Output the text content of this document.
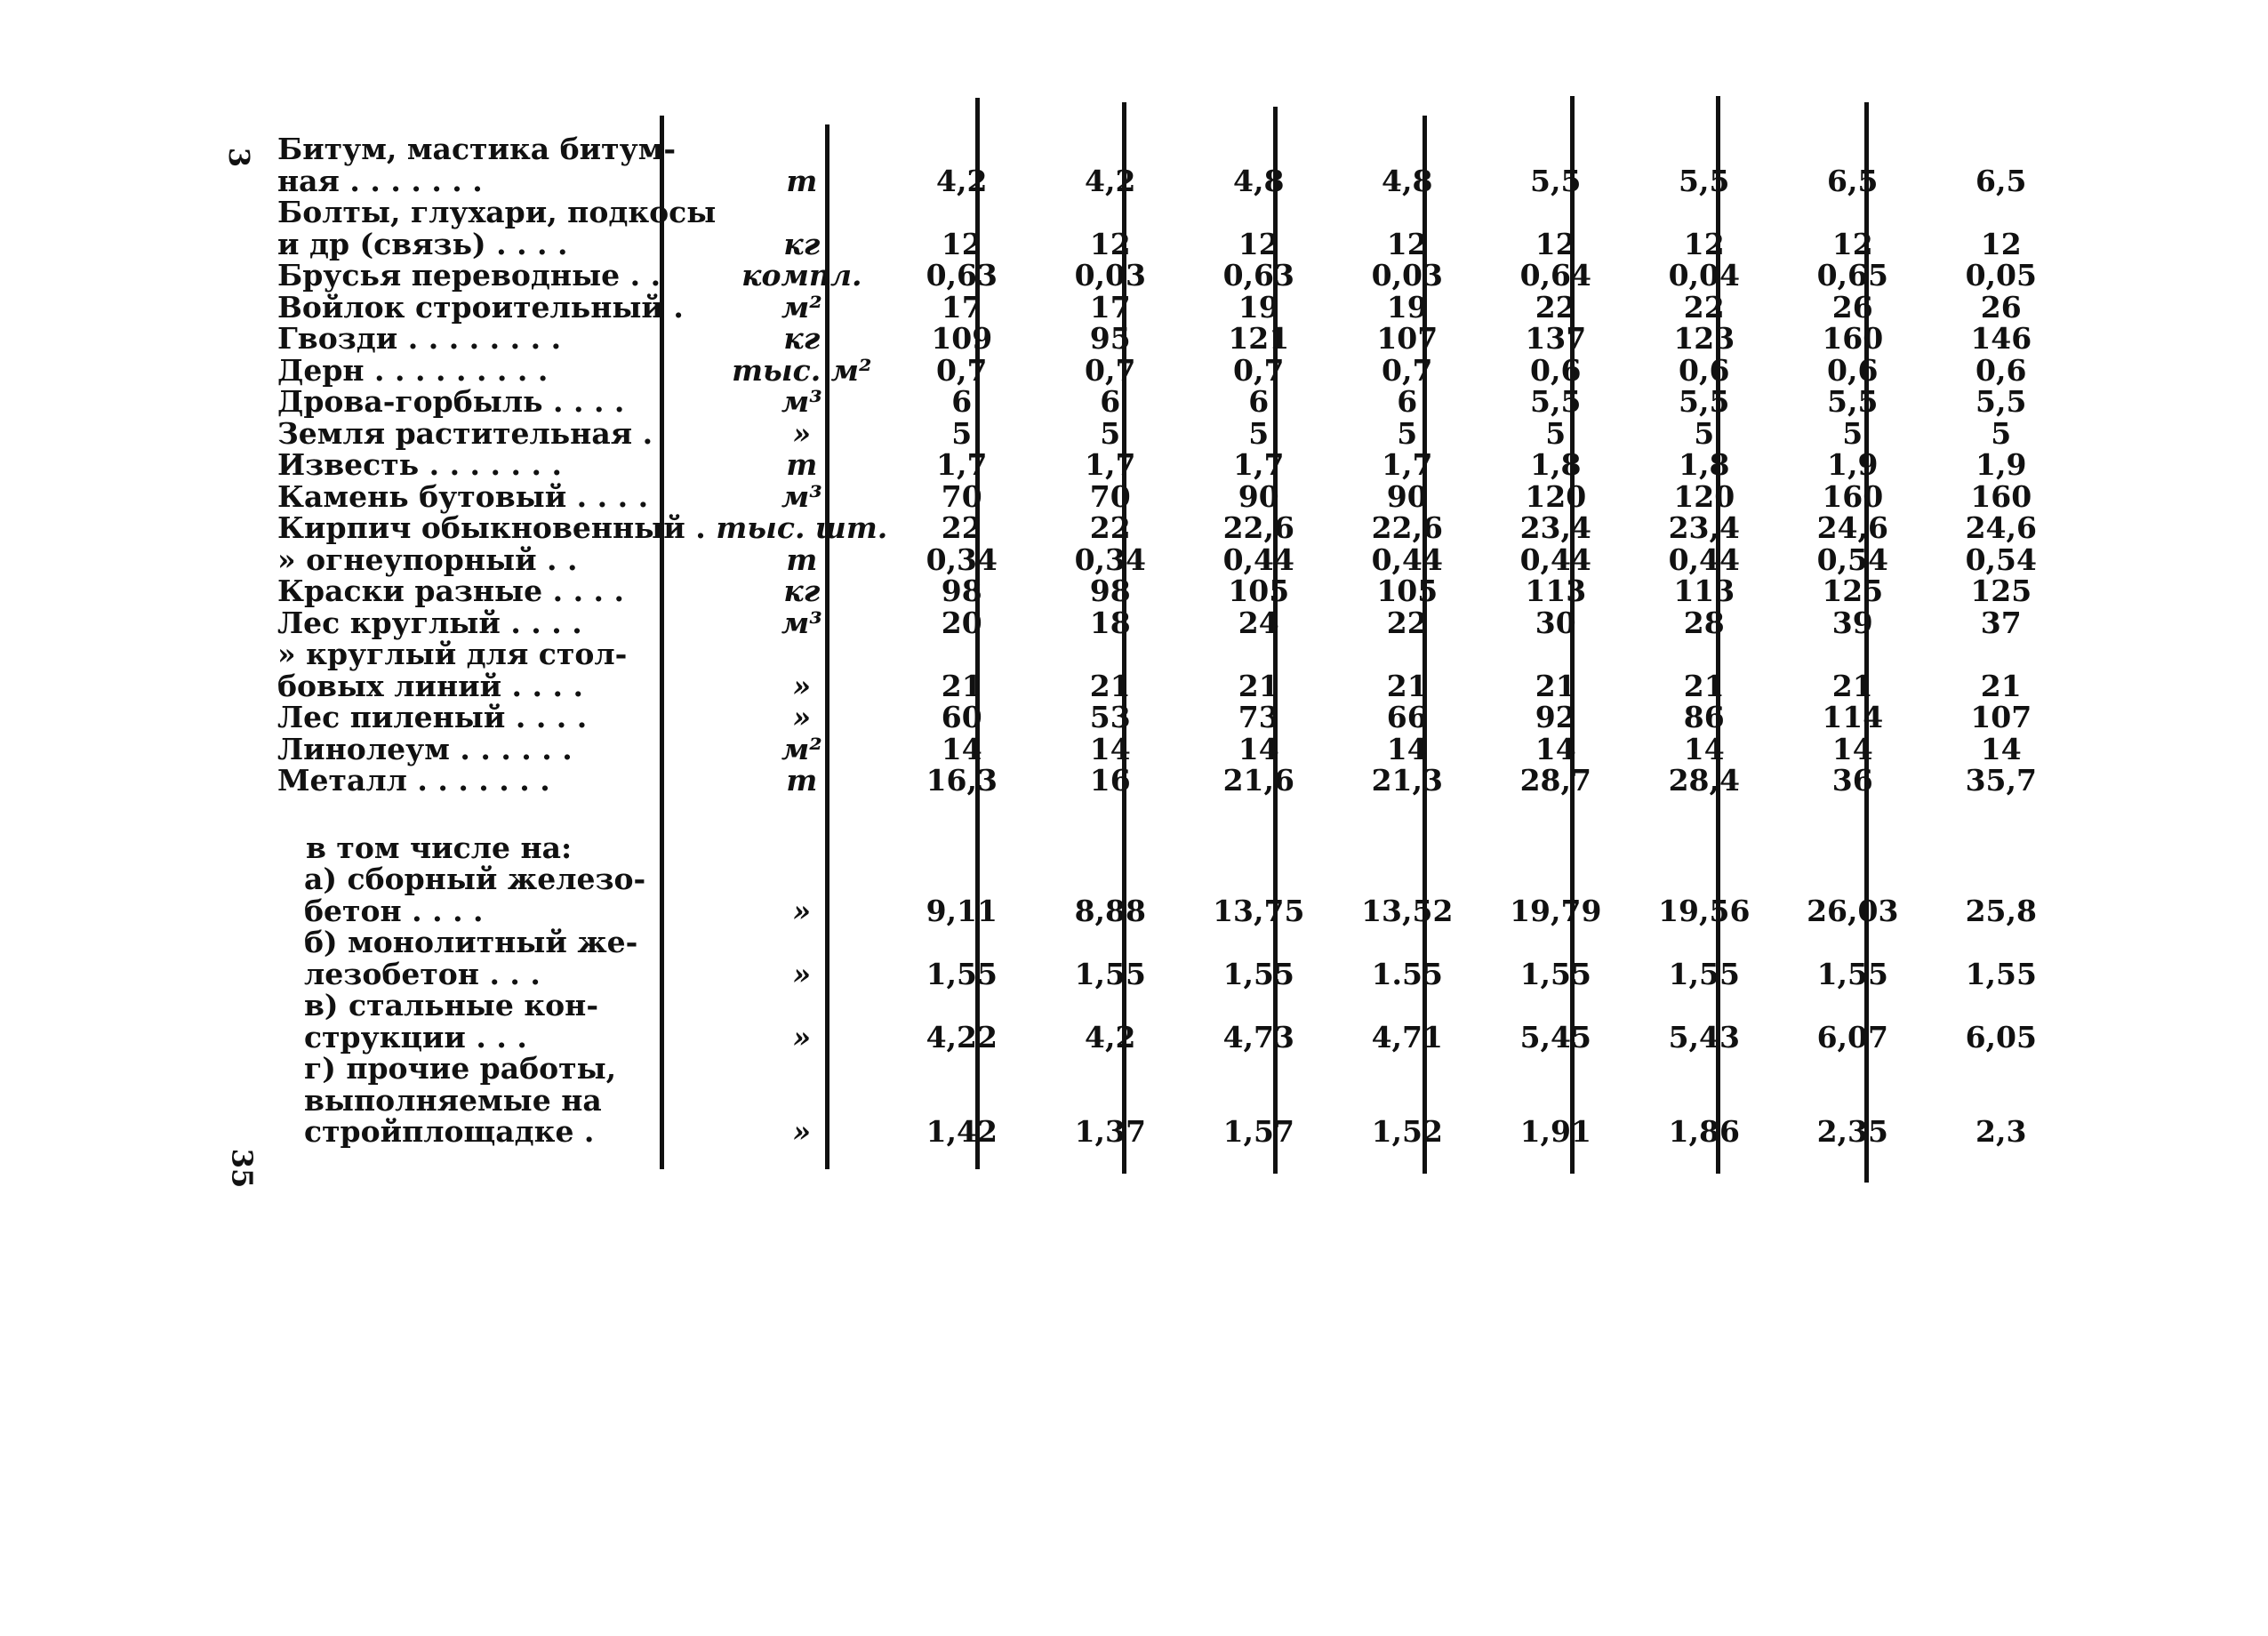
3
35
Битум, мастика битум-									
ная . . . . . . .	т	4,2	4,2	4,8	4,8	5,5	5,5	6,5	6,5
Болты, глухари, подкосы									
и др (связь) . . . .	кг	12	12	12	12	12	12	12	12
Брусья переводные . .	компл.	0,63	0,03	0,63	0,03	0,64	0,04	0,65	0,05
Войлок строительный .	м²	17	17	19	19	22	22	26	26
Гвозди . . . . . . . .	кг	109	95	121	107	137	123	160	146
Дерн . . . . . . . . .	тыс. м²	0,7	0,7	0,7	0,7	0,6	0,6	0,6	0,6
Дрова-горбыль . . . .	м³	6	6	6	6	5,5	5,5	5,5	5,5
Земля растительная .	»	5	5	5	5	5	5	5	5
Известь . . . . . . .	т	1,7	1,7	1,7	1,7	1,8	1,8	1,9	1,9
Камень бутовый . . . .	м³	70	70	90	90	120	120	160	160
Кирпич обыкновенный .	тыс. шт.	22	22	22,6	22,6	23,4	23,4	24,6	24,6
» огнеупорный . .	т	0,34	0,34	0,44	0,44	0,44	0,44	0,54	0,54
Краски разные . . . .	кг	98	98	105	105	113	113	125	125
Лес круглый . . . .	м³	20	18	24	22	30	28	39	37
» круглый для стол-									
бовых линий . . . .	»	21	21	21	21	21	21	21	21
Лес пиленый . . . .	»	60	53	73	66	92	86	114	107
Линолеум . . . . . .	м²	14	14	14	14	14	14	14	14
Металл . . . . . . .	т	16,3	16	21,6	21,3	28,7	28,4	36	35,7

в том числе на:									
а) сборный железо-									
бетон . . . .	»	9,11	8,88	13,75	13,52	19,79	19,56	26,03	25,8
б) монолитный же-									
лезобетон . . .	»	1,55	1,55	1,55	1.55	1,55	1,55	1,55	1,55
в) стальные кон-									
струкции . . .	»	4,22	4,2	4,73	4,71	5,45	5,43	6,07	6,05
г) прочие работы,									
выполняемые на									
стройплощадке .	»	1,42	1,37	1,57	1,52	1,91	1,86	2,35	2,3
